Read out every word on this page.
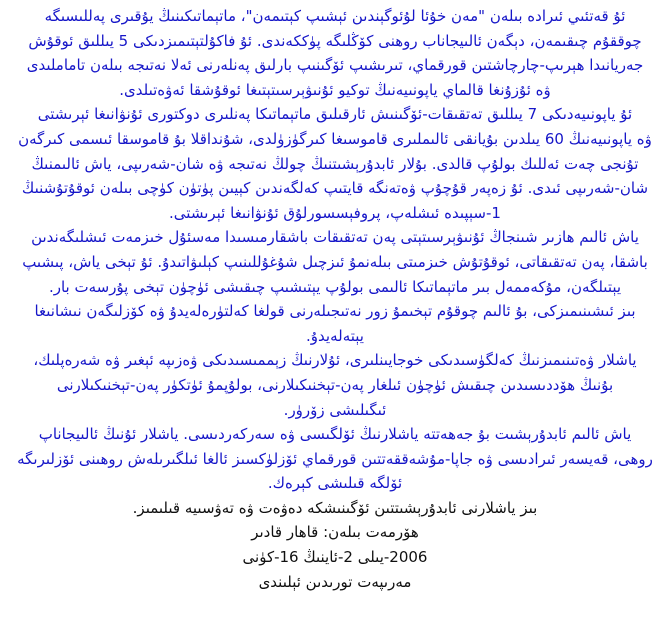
ئۇ قەتئىي ئىرادە بىلەن "مەن خۇئا لۇئوگېندىن ئېشىپ كېتىمەن"، ماتېماتىكىنىڭ يۇقىرى پەللىسىگە
چوققۇم چىقىمەن، دېگەن ئالىيجاناب روھنى كۆڭلىگە پۈككەندى. ئۇ فاكۇلتېتىمىزدىكى 5 يىللىق ئوقۇش
جەريانىدا ھېرىپ-چارچاشتىن قورقماي، تىرىشىپ ئۆگىنىپ بارلىق پەنلەرنى ئەلا نەتىجە بىلەن تاماملىدى
ۋە ئۇزۇنغا قالماي ياپونىيەنىڭ توكيو ئۇنىۋېرسىتېتىغا ئوقۇشقا ئەۋەتىلدى.
ئۇ ياپونىيەدىكى 7 يىللىق تەتقىقات-ئۆگىنىش ئارقىلىق ماتېماتىكا پەنلىرى دوكتورى ئۇنۋانىغا ئېرىشتى
ۋە ياپونىيەنىڭ 60 يىلدىن بۇيانقى ئالىملىرى قاموسىغا كىرگۈزۈلدى، شۇنداقلا بۇ قاموسقا ئىسمى كىرگەن
تۇنجى چەت ئەللىك بولۇپ قالدى. بۇلار ئابدۇرېشىتنىڭ چولڭ نەتىجە ۋە شان-شەرىپى، ياش ئالىمنىڭ
شان-شەرىپى ئىدى. ئۇ زەپەر قۇچۇپ ۋەتەنگە قايتىپ كەلگەندىن كېيىن پۈتۈن كۈچى بىلەن ئوقۇتۇشنىڭ
1-سېپىدە ئىشلەپ، پروفېسسورلۇق ئۇنۋانىغا ئېرىشتى.
ياش ئالىم ھازىر شىنجاڭ ئۇنىۋېرسىتېتى پەن تەتقىقات باشقارمىسىدا مەسئۇل خىزمەت ئىشلىگەندىن
باشقا، پەن تەتقىقاتى، ئوقۇتۇش خىزمىتى بىلەنمۇ ئىزچىل شۇغۇللىنىپ كېلىۋاتىدۇ. ئۇ تېخى ياش، پىشىپ
يېتىلگەن، مۇكەممەل بىر ماتېماتىكا ئالىمى بولۇپ يېتىشىپ چىقىشى ئۈچۈن تېخى پۇرسەت بار.
بىز ئىشىنىمىزكى، بۇ ئالىم چوقۇم تېخىمۇ زور نەتىجىلەرنى قولغا كەلتۈرەلەيدۇ ۋە كۆزلىگەن نىشانىغا
يېتەلەيدۇ.
ياشلار ۋەتىنىمىزنىڭ كەلگۈسىدىكى خوجايىنلىرى، ئۇلارنىڭ زېممىسىدىكى ۋەزىپە ئېغىر ۋە شەرەپلىك،
بۇنىڭ ھۆددىسىدىن چىقىش ئۈچۈن ئىلغار پەن-تېخنىكىلارنى، بولۇپمۇ ئۈتكۈر پەن-تېخنىكىلارنى
ئىگىلىشى زۆرۈر.
ياش ئالىم ئابدۇرېشىت بۇ جەھەتتە ياشلارنىڭ ئۆلگىسى ۋە سەركەردىسى. ياشلار ئۇنىڭ ئالىيجاناپ
روھى، قەيسەر ئىرادىسى ۋە جاپا-مۇشەققەتتىن قورقماي ئۆزلۈكسىز ئالغا ئىلگىرىلەش روھىنى ئۆزلىرىگە
ئۆلگە قىلىشى كېرەك.
بىز ياشلارنى ئابدۇرېشىتتىن ئۆگىنىشكە دەۋەت ۋە تەۋسىيە قىلىمىز.
ھۆرمەت بىلەن: قاھار قادىر
2006-يىلى 2-ئاينىڭ 16-كۈنى
مەرىپەت تورىدىن ئېلىندى
